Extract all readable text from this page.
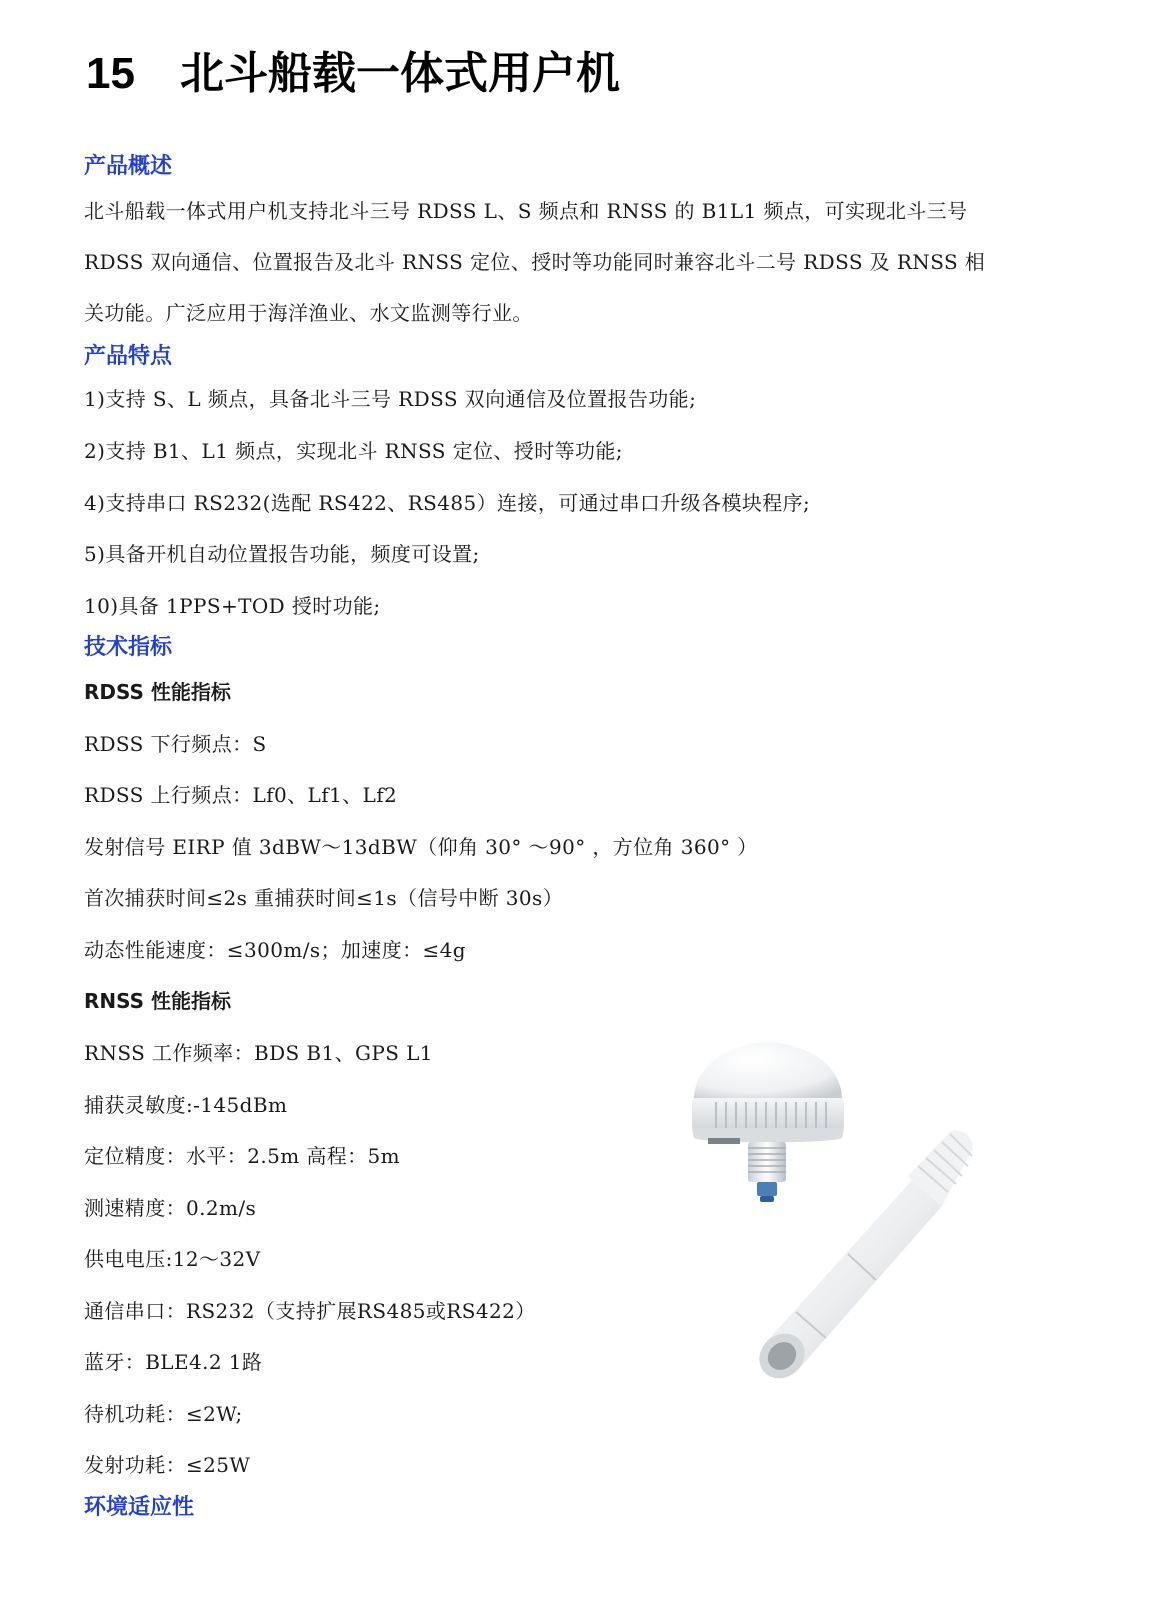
15 北斗船载一体式用户机
产品概述

北斗船载一体式用户机支持北斗三号 RDSS L、S 频点和 RNSS 的 B1L1 频点，可实现北斗三号

RDSS 双向通信、位置报告及北斗 RNSS 定位、授时等功能同时兼容北斗二号 RDSS 及 RNSS 相

关功能。广泛应用于海洋渔业、水文监测等行业。

产品特点

1)支持 S、L 频点，具备北斗三号 RDSS 双向通信及位置报告功能;

2)支持 B1、L1 频点，实现北斗 RNSS 定位、授时等功能;

4)支持串口 RS232(选配 RS422、RS485）连接，可通过串口升级各模块程序;

5)具备开机自动位置报告功能，频度可设置;

10)具备 1PPS+TOD 授时功能;

技术指标
RDSS 性能指标

RDSS 下行频点：S

RDSS 上行频点：Lf0、Lf1、Lf2

发射信号 EIRP 值 3dBW～13dBW（仰角 30° ～90° ，方位角 360° ）

首次捕获时间≤2s 重捕获时间≤1s（信号中断 30s）

动态性能速度：≤300m/s；加速度：≤4g

RNSS 性能指标

RNSS 工作频率：BDS B1、GPS L1

捕获灵敏度:-145dBm

定位精度：水平：2.5m 高程：5m

测速精度：0.2m/s

供电电压:12～32V

通信串口：RS232（支持扩展RS485或RS422）

蓝牙：BLE4.2 1路

待机功耗：≤2W;

发射功耗：≤25W

环境适应性
